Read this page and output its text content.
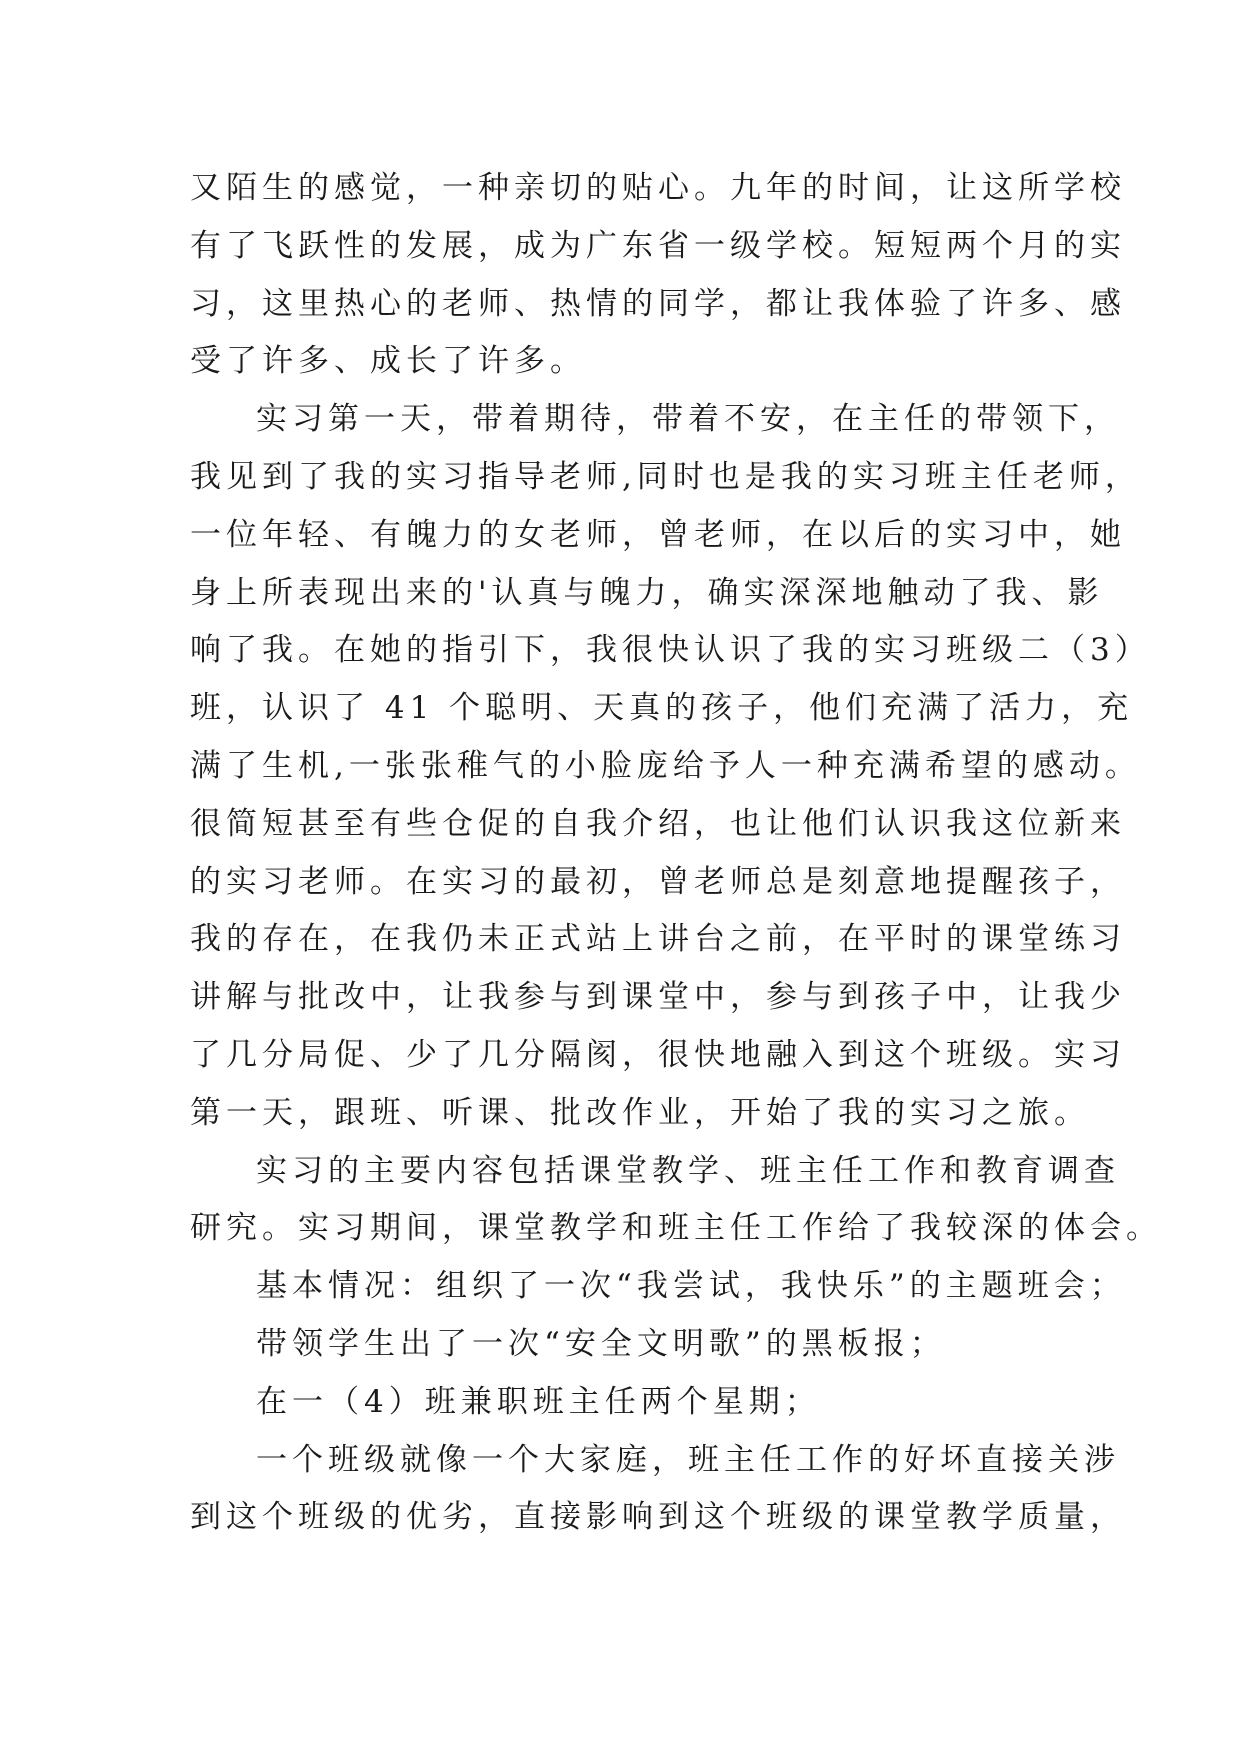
又陌生的感觉，一种亲切的贴心。九年的时间，让这所学校
有了飞跃性的发展，成为广东省一级学校。短短两个月的实
习，这里热心的老师、热情的同学，都让我体验了许多、感
受了许多、成长了许多。
实习第一天，带着期待，带着不安，在主任的带领下，
我见到了我的实习指导老师,同时也是我的实习班主任老师，
一位年轻、有魄力的女老师，曾老师，在以后的实习中，她
身上所表现出来的'认真与魄力，确实深深地触动了我、影
响了我。在她的指引下，我很快认识了我的实习班级二（3）
班，认识了 41 个聪明、天真的孩子，他们充满了活力，充
满了生机,一张张稚气的小脸庞给予人一种充满希望的感动。
很简短甚至有些仓促的自我介绍，也让他们认识我这位新来
的实习老师。在实习的最初，曾老师总是刻意地提醒孩子，
我的存在，在我仍未正式站上讲台之前，在平时的课堂练习
讲解与批改中，让我参与到课堂中，参与到孩子中，让我少
了几分局促、少了几分隔阂，很快地融入到这个班级。实习
第一天，跟班、听课、批改作业，开始了我的实习之旅。
实习的主要内容包括课堂教学、班主任工作和教育调查
研究。实习期间，课堂教学和班主任工作给了我较深的体会。
基本情况：组织了一次“我尝试，我快乐”的主题班会；
带领学生出了一次“安全文明歌”的黑板报；
在一（4）班兼职班主任两个星期；
一个班级就像一个大家庭，班主任工作的好坏直接关涉
到这个班级的优劣，直接影响到这个班级的课堂教学质量，
